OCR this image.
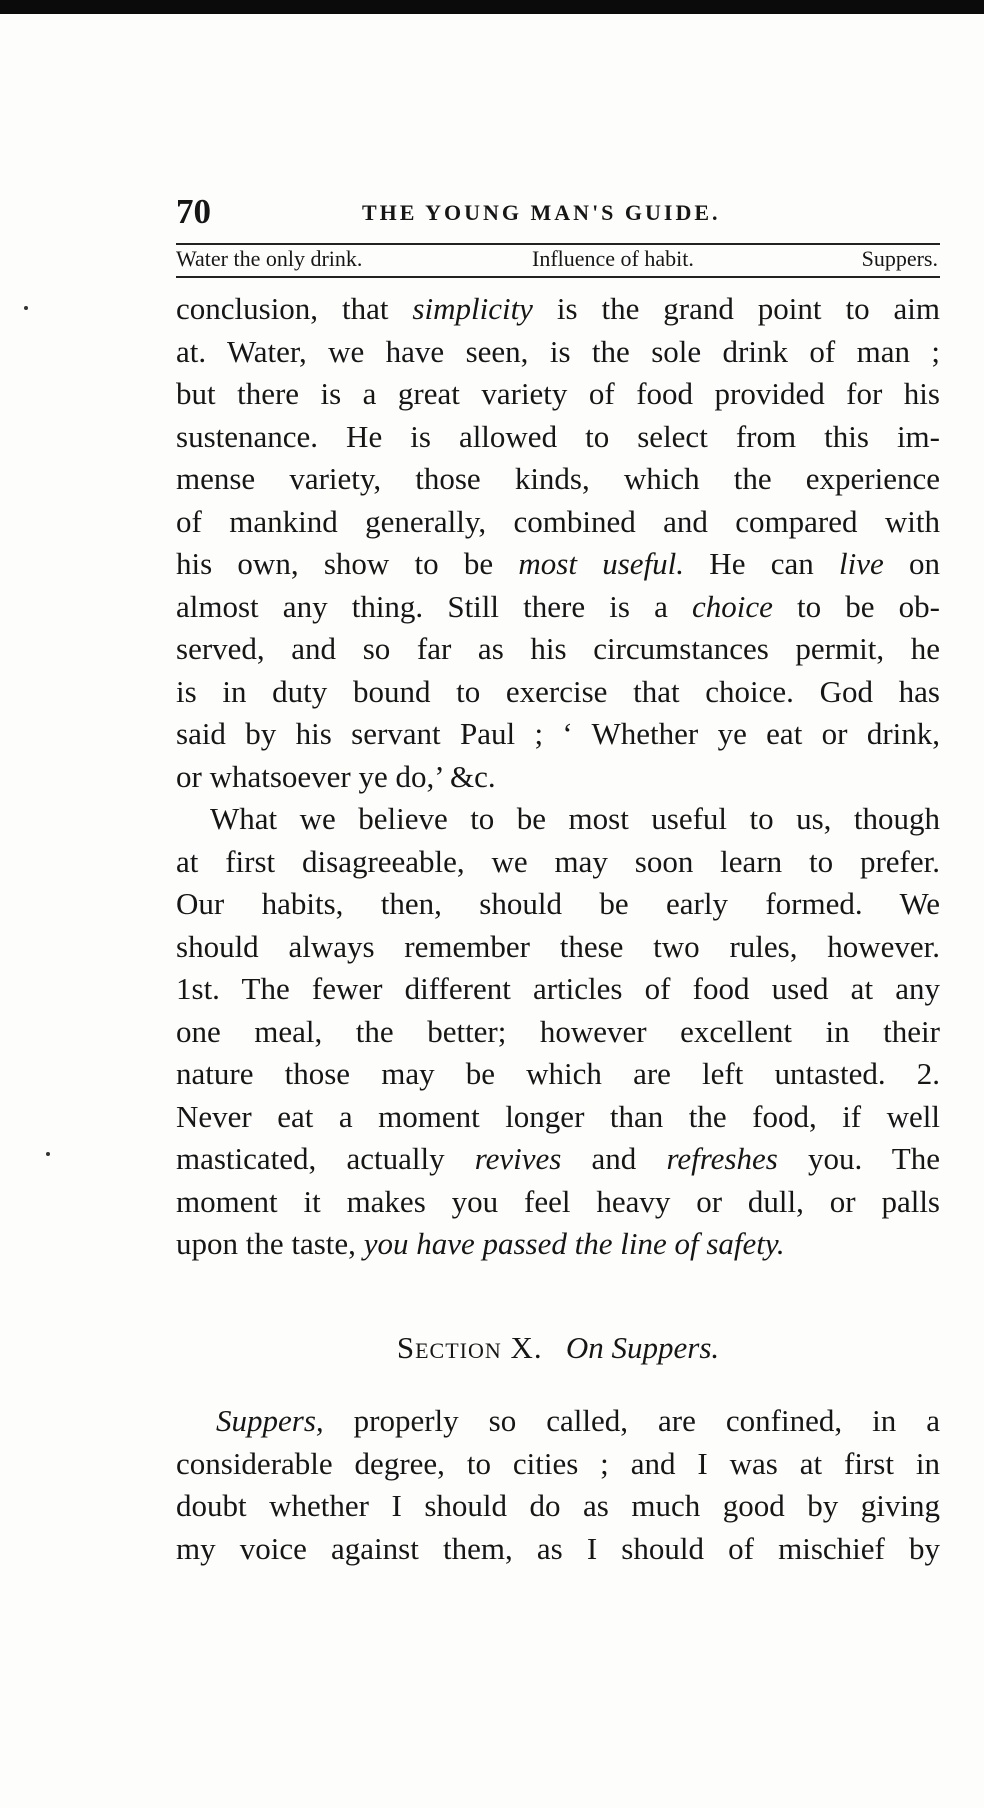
70	THE YOUNG MAN'S GUIDE.
Water the only drink.	Influence of habit.	Suppers.
conclusion, that simplicity is the grand point to aim
at. Water, we have seen, is the sole drink of man ;
but there is a great variety of food provided for his
sustenance. He is allowed to select from this im-
mense variety, those kinds, which the experience
of mankind generally, combined and compared with
his own, show to be most useful. He can live on
almost any thing. Still there is a choice to be ob-
served, and so far as his circumstances permit, he
is in duty bound to exercise that choice. God has
said by his servant Paul ; ‘ Whether ye eat or drink,
or whatsoever ye do,’ &c.
What we believe to be most useful to us, though
at first disagreeable, we may soon learn to prefer.
Our habits, then, should be early formed. We
should always remember these two rules, however.
1st. The fewer different articles of food used at any
one meal, the better; however excellent in their
nature those may be which are left untasted. 2.
Never eat a moment longer than the food, if well
masticated, actually revives and refreshes you. The
moment it makes you feel heavy or dull, or palls
upon the taste, you have passed the line of safety.
Section X. On Suppers.
Suppers, properly so called, are confined, in a
considerable degree, to cities ; and I was at first in
doubt whether I should do as much good by giving
my voice against them, as I should of mischief by
